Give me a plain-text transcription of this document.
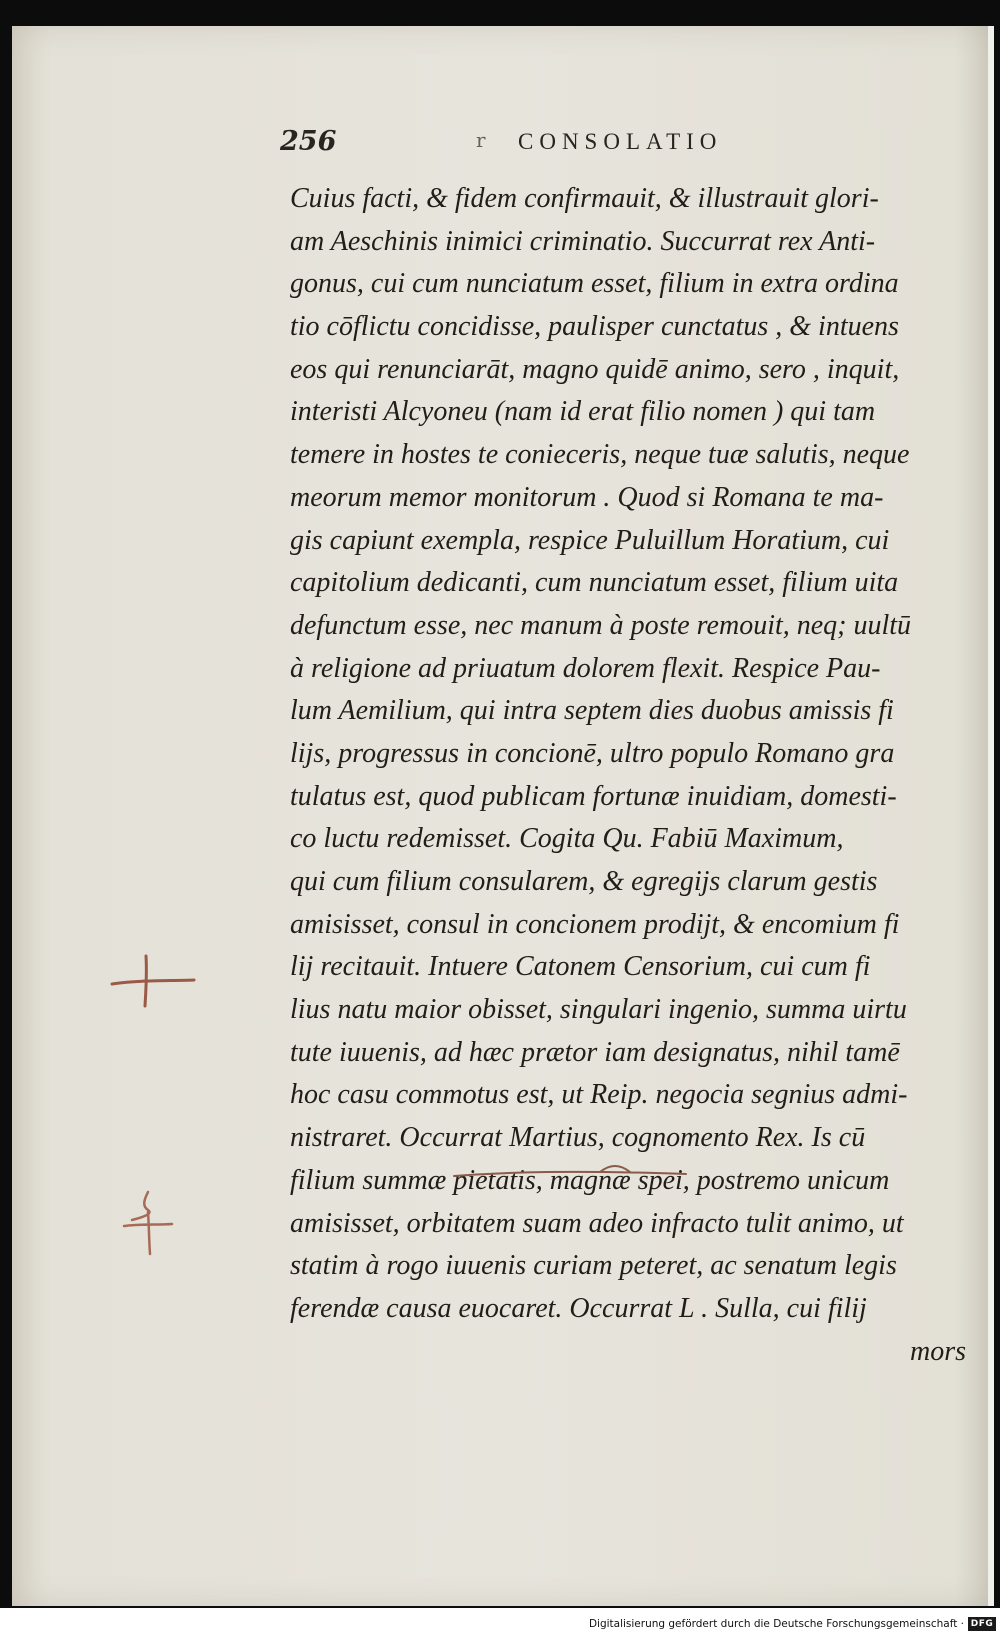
256	r CONSOLATIO
Cuius facti, & fidem confirmauit, & illustrauit glori-
am Aeschinis inimici criminatio. Succurrat rex Anti-
gonus, cui cum nunciatum esset, filium in extra ordina
tio cōflictu concidisse, paulisper cunctatus , & intuens
eos qui renunciarāt, magno quidē animo, sero , inquit,
interisti Alcyoneu (nam id erat filio nomen ) qui tam
temere in hostes te conieceris, neque tuæ salutis, neque
meorum memor monitorum . Quod si Romana te ma-
gis capiunt exempla, respice Puluillum Horatium, cui
capitolium dedicanti, cum nunciatum esset, filium uita
defunctum esse, nec manum à poste remouit, neq; uultū
à religione ad priuatum dolorem flexit. Respice Pau-
lum Aemilium, qui intra septem dies duobus amissis fi
lijs, progressus in concionē, ultro populo Romano gra
tulatus est, quod publicam fortunæ inuidiam, domesti-
co luctu redemisset. Cogita Qu. Fabiū Maximum,
qui cum filium consularem, & egregijs clarum gestis
amisisset, consul in concionem prodijt, & encomium fi
lij recitauit. Intuere Catonem Censorium, cui cum fi
lius natu maior obisset, singulari ingenio, summa uirtu
tute iuuenis, ad hæc prætor iam designatus, nihil tamē
hoc casu commotus est, ut Reip. negocia segnius admi-
nistraret. Occurrat Martius, cognomento Rex. Is cū
filium summæ pietatis, magnæ spei, postremo unicum
amisisset, orbitatem suam adeo infracto tulit animo, ut
statim à rogo iuuenis curiam peteret, ac senatum legis
ferendæ causa euocaret. Occurrat L . Sulla, cui filij
mors
Digitalisierung gefördert durch die Deutsche Forschungsgemeinschaft · DFG
